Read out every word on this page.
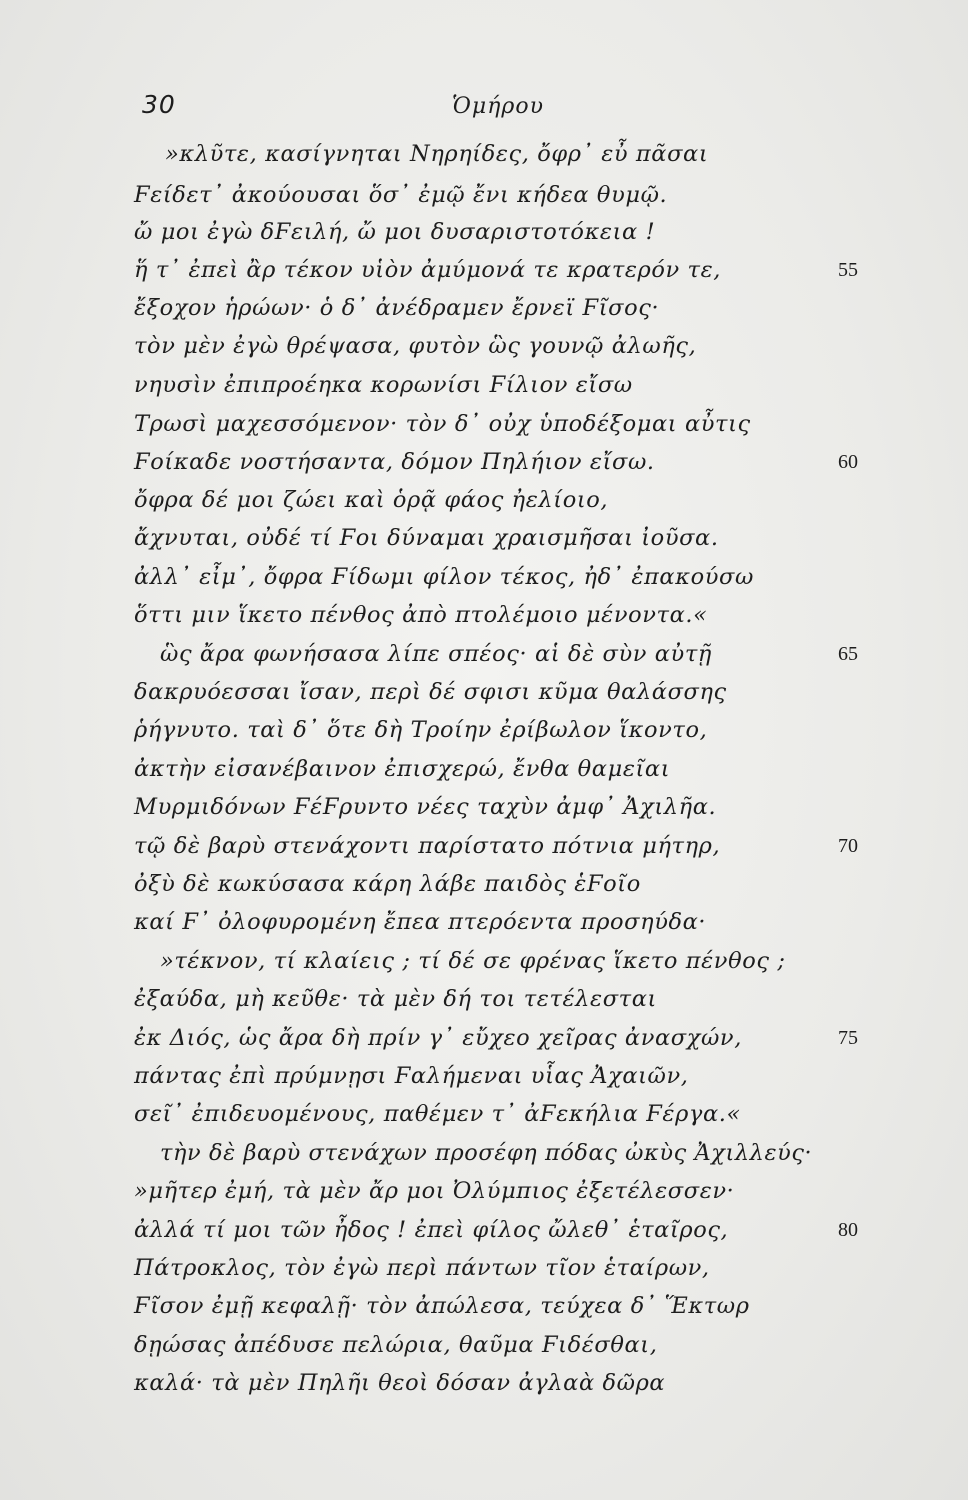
30	Ὁμήρου
»κλῦτε, κασίγνηται Νηρηίδες, ὄφρ᾽ εὖ πᾶσαι
Ϝείδετ᾽ ἀκούουσαι ὅσ᾽ ἐμῷ ἔνι κήδεα θυμῷ.
ὤ μοι ἐγὼ δϜειλή, ὤ μοι δυσαριστοτόκεια !
ἥ τ᾽ ἐπεὶ ἂρ τέκον υἱὸν ἀμύμονά τε κρατερόν τε,	55
ἔξοχον ἡρώων· ὁ δ᾽ ἀνέδραμεν ἔρνεϊ Ϝῖσος·
τὸν μὲν ἐγὼ θρέψασα, φυτὸν ὣς γουνῷ ἀλωῆς,
νηυσὶν ἐπιπροέηκα κορωνίσι Ϝίλιον εἴσω
Τρωσὶ μαχεσσόμενον· τὸν δ᾽ οὐχ ὑποδέξομαι αὖτις
Ϝοίκαδε νοστήσαντα, δόμον Πηλήιον εἴσω.	60
ὄφρα δέ μοι ζώει καὶ ὁρᾷ φάος ἠελίοιο,
ἄχνυται, οὐδέ τί Ϝοι δύναμαι χραισμῆσαι ἰοῦσα.
ἀλλ᾽ εἶμ᾽, ὄφρα Ϝίδωμι φίλον τέκος, ἠδ᾽ ἐπακούσω
ὅττι μιν ἵκετο πένθος ἀπὸ πτολέμοιο μένοντα.«
ὣς ἄρα φωνήσασα λίπε σπέος· αἱ δὲ σὺν αὐτῇ	65
δακρυόεσσαι ἴσαν, περὶ δέ σφισι κῦμα θαλάσσης
ῥήγνυτο. ταὶ δ᾽ ὅτε δὴ Τροίην ἐρίβωλον ἵκοντο,
ἀκτὴν εἰσανέβαινον ἐπισχερώ, ἔνθα θαμεῖαι
Μυρμιδόνων ϜέϜρυντο νέες ταχὺν ἀμφ᾽ Ἀχιλῆα.
τῷ δὲ βαρὺ στενάχοντι παρίστατο πότνια μήτηρ,	70
ὀξὺ δὲ κωκύσασα κάρη λάβε παιδὸς ἑϜοῖο
καί Ϝ᾽ ὀλοφυρομένη ἔπεα πτερόεντα προσηύδα·
»τέκνον, τί κλαίεις ; τί δέ σε φρένας ἵκετο πένθος ;
ἐξαύδα, μὴ κεῦθε· τὰ μὲν δή τοι τετέλεσται
ἐκ Διός, ὡς ἄρα δὴ πρίν γ᾽ εὔχεο χεῖρας ἀνασχών,	75
πάντας ἐπὶ πρύμνῃσι Ϝαλήμεναι υἷας Ἀχαιῶν,
σεῖ᾽ ἐπιδευομένους, παθέμεν τ᾽ ἀϜεκήλια Ϝέργα.«
τὴν δὲ βαρὺ στενάχων προσέφη πόδας ὠκὺς Ἀχιλλεύς·
»μῆτερ ἐμή, τὰ μὲν ἄρ μοι Ὀλύμπιος ἐξετέλεσσεν·
ἀλλά τί μοι τῶν ἦδος ! ἐπεὶ φίλος ὤλεθ᾽ ἑταῖρος,	80
Πάτροκλος, τὸν ἐγὼ περὶ πάντων τῖον ἑταίρων,
Ϝῖσον ἐμῇ κεφαλῇ· τὸν ἀπώλεσα, τεύχεα δ᾽ Ἕκτωρ
δῃώσας ἀπέδυσε πελώρια, θαῦμα Ϝιδέσθαι,
καλά· τὰ μὲν Πηλῆι θεοὶ δόσαν ἀγλαὰ δῶρα
